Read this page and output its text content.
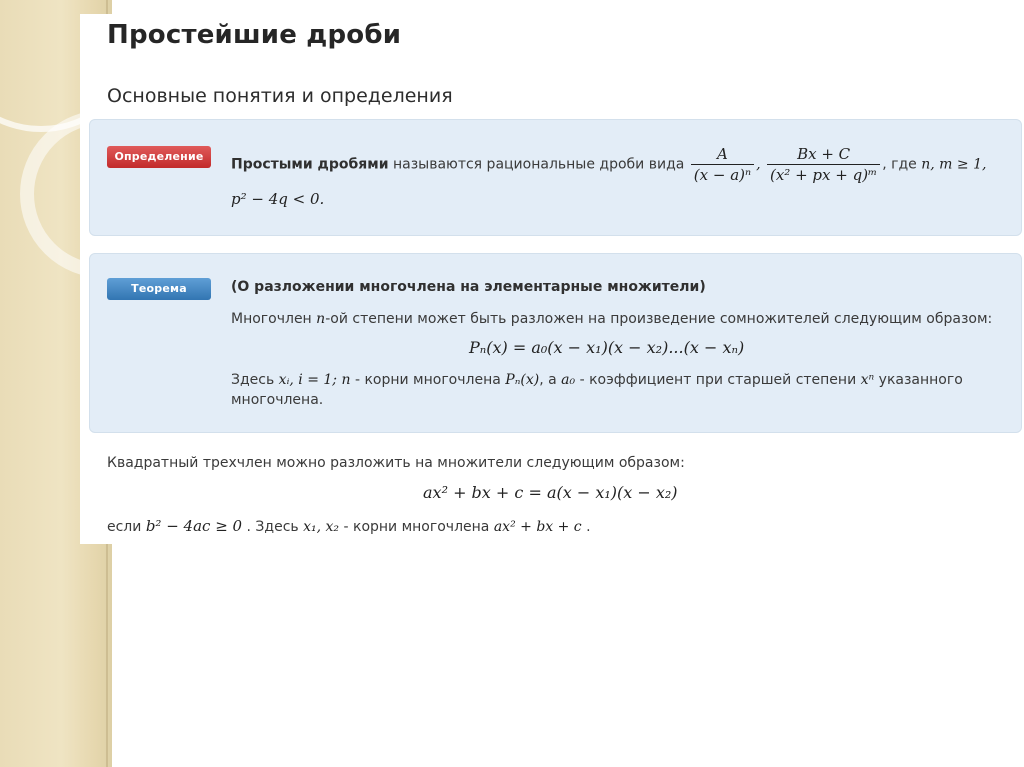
Простейшие дроби
Основные понятия и определения
Определение	Простыми дробями называются рациональные дроби вида $\frac{A}{\text{(x − a)ⁿ}}$ , $\frac{Bx + C}{\text{(x² + px + q)ᵐ}}$ , где n, m ≥ 1,
p² − 4q < 0.
Теорема	(О разложении многочлена на элементарные множители)
Многочлен n-ой степени может быть разложен на произведение сомножителей следующим образом:
Pₙ(x) = a₀(x − x₁)(x − x₂)...(x − xₙ)
Здесь xᵢ, i = 1; n - корни многочлена Pₙ(x), а a₀ - коэффициент при старшей степени xⁿ указанного
многочлена.
Квадратный трехчлен можно разложить на множители следующим образом:
ax² + bx + c = a(x − x₁)(x − x₂)
если b² − 4ac ≥ 0 . Здесь x₁, x₂ - корни многочлена ax² + bx + c .
